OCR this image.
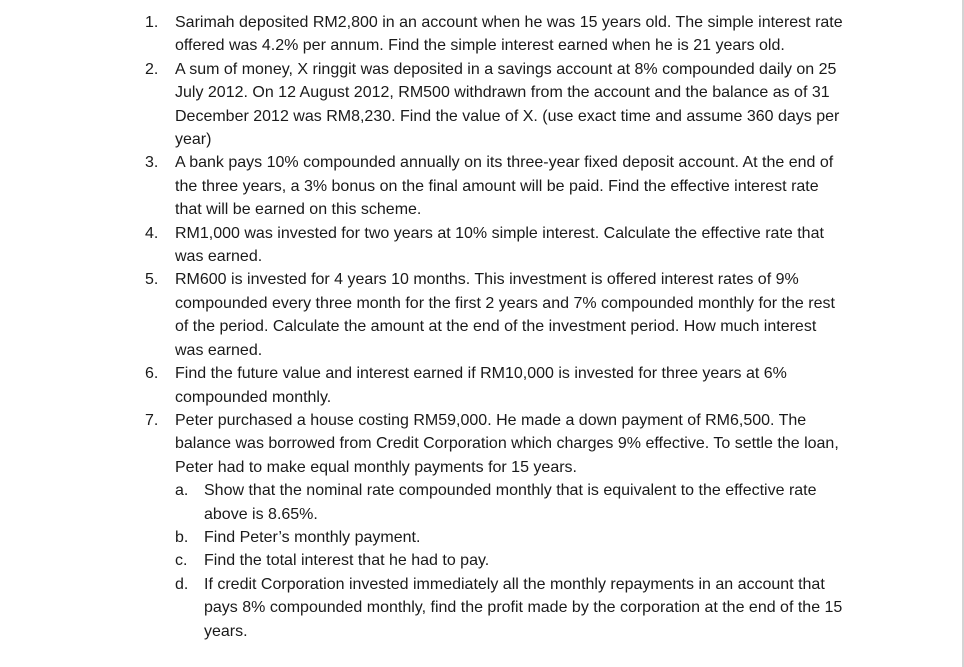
1. Sarimah deposited RM2,800 in an account when he was 15 years old. The simple interest rate offered was 4.2% per annum. Find the simple interest earned when he is 21 years old.
2. A sum of money, X ringgit was deposited in a savings account at 8% compounded daily on 25 July 2012. On 12 August 2012, RM500 withdrawn from the account and the balance as of 31 December 2012 was RM8,230. Find the value of X. (use exact time and assume 360 days per year)
3. A bank pays 10% compounded annually on its three-year fixed deposit account. At the end of the three years, a 3% bonus on the final amount will be paid. Find the effective interest rate that will be earned on this scheme.
4. RM1,000 was invested for two years at 10% simple interest. Calculate the effective rate that was earned.
5. RM600 is invested for 4 years 10 months. This investment is offered interest rates of 9% compounded every three month for the first 2 years and 7% compounded monthly for the rest of the period. Calculate the amount at the end of the investment period. How much interest was earned.
6. Find the future value and interest earned if RM10,000 is invested for three years at 6% compounded monthly.
7. Peter purchased a house costing RM59,000. He made a down payment of RM6,500. The balance was borrowed from Credit Corporation which charges 9% effective. To settle the loan, Peter had to make equal monthly payments for 15 years.
a. Show that the nominal rate compounded monthly that is equivalent to the effective rate above is 8.65%.
b. Find Peter’s monthly payment.
c. Find the total interest that he had to pay.
d. If credit Corporation invested immediately all the monthly repayments in an account that pays 8% compounded monthly, find the profit made by the corporation at the end of the 15 years.
